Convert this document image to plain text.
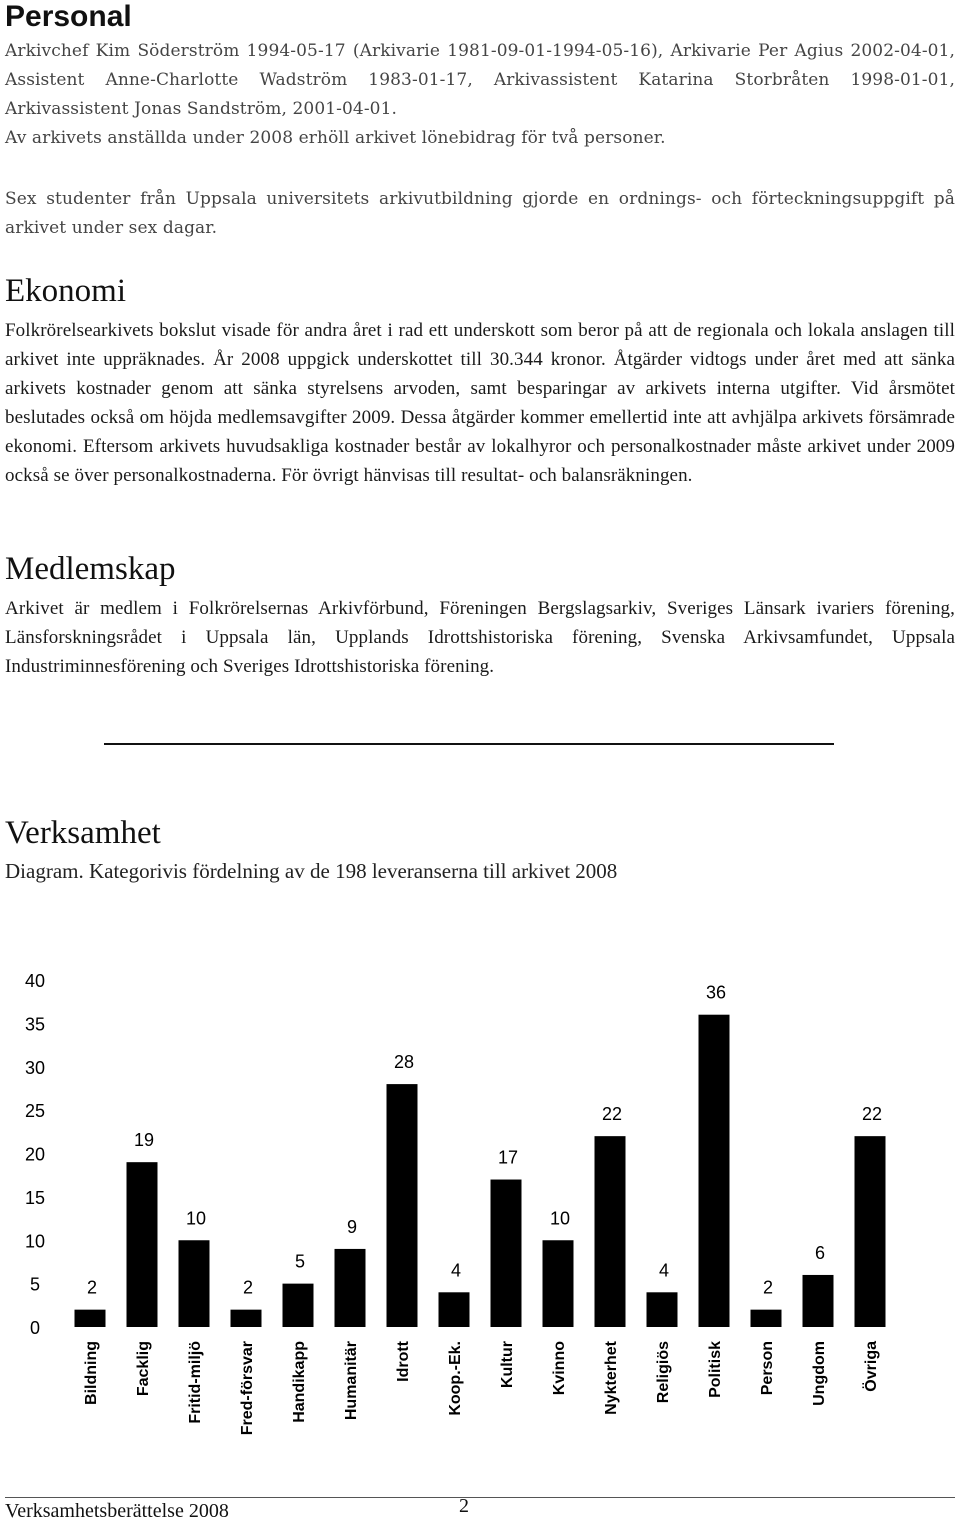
Personal

Arkivchef Kim Söderström 1994-05-17 (Arkivarie 1981-09-01-1994-05-16), Arkivarie Per Agius 2002-04-01, Assistent Anne-Charlotte Wadström 1983-01-17, Arkivassistent Katarina Storbråten 1998-01-01, Arkivassistent Jonas Sandström, 2001-04-01.

Av arkivets anställda under 2008 erhöll arkivet lönebidrag för två personer.

Sex studenter från Uppsala universitets arkivutbildning gjorde en ordnings- och förteckningsuppgift på arkivet under sex dagar.

Ekonomi

Folkrörelsearkivets bokslut visade för andra året i rad ett underskott som beror på att de regionala och lokala anslagen till arkivet inte uppräknades. År 2008 uppgick underskottet till 30.344 kronor. Åtgärder vidtogs under året med att sänka arkivets kostnader genom att sänka styrelsens arvoden, samt besparingar av arkivets interna utgifter. Vid årsmötet beslutades också om höjda medlemsavgifter 2009. Dessa åtgärder kommer emellertid inte att avhjälpa arkivets försämrade ekonomi. Eftersom arkivets huvudsakliga kostnader består av lokalhyror och personalkostnader måste arkivet under 2009 också se över personalkostnaderna. För övrigt hänvisas till resultat- och balansräkningen.

Medlemskap

Arkivet är medlem i Folkrörelsernas Arkivförbund, Föreningen Bergslagsarkiv, Sveriges Länsark ivariers förening, Länsforskningsrådet i Uppsala län, Upplands Idrottshistoriska förening, Svenska Arkivsamfundet, Uppsala Industriminnesförening och Sveriges Idrottshistoriska förening.

Verksamhet
Diagram. Kategorivis fördelning av de 198 leveranserna till arkivet 2008
0
5
10
15
20
25
30
35
40
2
19
10
2
5
9
28
4
17
10
22
4
36
2
6
22
Bildning Facklig Fritid-miljö Fred-försvar Handikapp Humanitär Idrott Koop.-Ek. Kultur Kvinno Nykterhet Religiös Politisk Person Ungdom Övriga
Verksamhetsberättelse 2008	2
